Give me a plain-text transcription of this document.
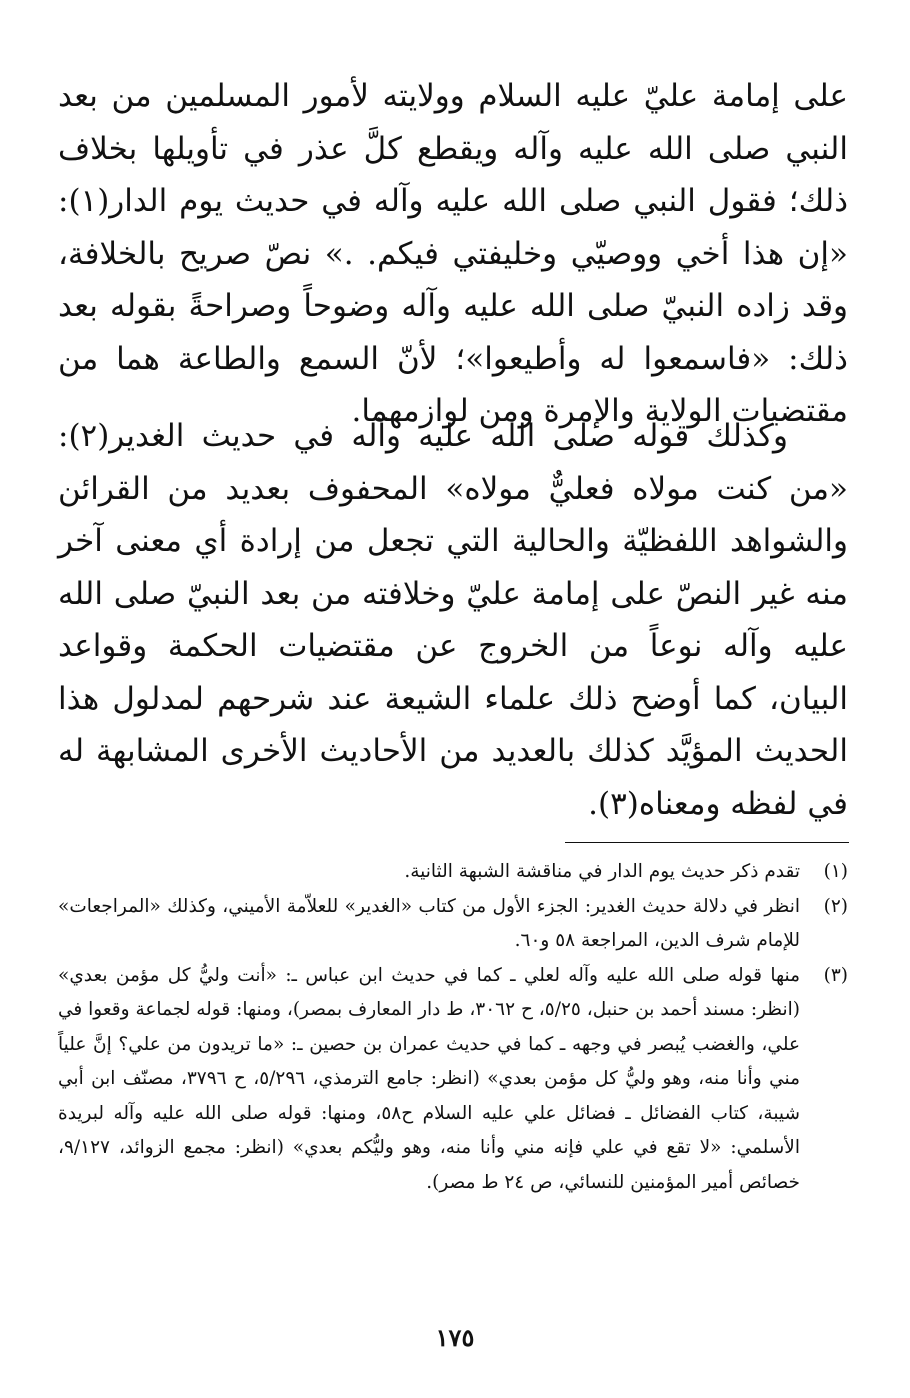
على إمامة عليّ عليه السلام وولايته لأمور المسلمين من بعد النبي صلى الله عليه وآله ويقطع كلَّ عذر في تأويلها بخلاف ذلك؛ فقول النبي صلى الله عليه وآله في حديث يوم الدار(١): «إن هذا أخي ووصيّي وخليفتي فيكم. .» نصّ صريح بالخلافة، وقد زاده النبيّ صلى الله عليه وآله وضوحاً وصراحةً بقوله بعد ذلك: «فاسمعوا له وأطيعوا»؛ لأنّ السمع والطاعة هما من مقتضيات الولاية والإمرة ومن لوازمهما.

وكذلك قوله صلى الله عليه وآله في حديث الغدير(٢): «من كنت مولاه فعليٌّ مولاه» المحفوف بعديد من القرائن والشواهد اللفظيّة والحالية التي تجعل من إرادة أي معنى آخر منه غير النصّ على إمامة عليّ وخلافته من بعد النبيّ صلى الله عليه وآله نوعاً من الخروج عن مقتضيات الحكمة وقواعد البيان، كما أوضح ذلك علماء الشيعة عند شرحهم لمدلول هذا الحديث المؤيَّد كذلك بالعديد من الأحاديث الأخرى المشابهة له في لفظه ومعناه(٣).

(١)
تقدم ذكر حديث يوم الدار في مناقشة الشبهة الثانية.
(٢)
انظر في دلالة حديث الغدير: الجزء الأول من كتاب «الغدير» للعلاّمة الأميني، وكذلك «المراجعات» للإمام شرف الدين، المراجعة ٥٨ و٦٠.
(٣)
منها قوله صلى الله عليه وآله لعلي ـ كما في حديث ابن عباس ـ: «أنت وليُّ كل مؤمن بعدي» (انظر: مسند أحمد بن حنبل، ٥/٢٥، ح ٣٠٦٢، ط دار المعارف بمصر)، ومنها: قوله لجماعة وقعوا في علي، والغضب يُبصر في وجهه ـ كما في حديث عمران بن حصين ـ: «ما تريدون من علي؟ إنَّ علياً مني وأنا منه، وهو وليُّ كل مؤمن بعدي» (انظر: جامع الترمذي، ٥/٢٩٦، ح ٣٧٩٦، مصنّف ابن أبي شيبة، كتاب الفضائل ـ فضائل علي عليه السلام ح٥٨، ومنها: قوله صلى الله عليه وآله لبريدة الأسلمي: «لا تقع في علي فإنه مني وأنا منه، وهو وليُّكم بعدي» (انظر: مجمع الزوائد، ٩/١٢٧، خصائص أمير المؤمنين للنسائي، ص ٢٤ ط مصر).
١٧٥
